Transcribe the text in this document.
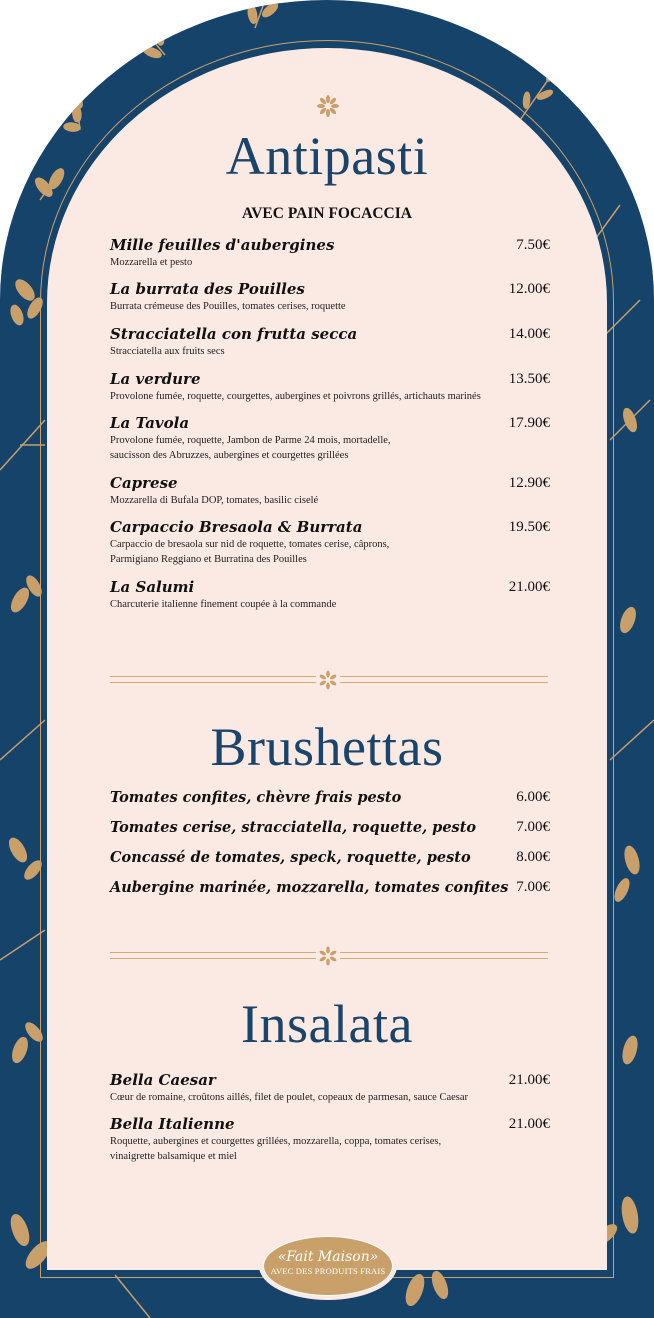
Antipasti
AVEC PAIN FOCACCIA
Mille feuilles d'aubergines	7.50€
Mozzarella et pesto
La burrata des Pouilles	12.00€
Burrata crémeuse des Pouilles, tomates cerises, roquette
Stracciatella con frutta secca	14.00€
Stracciatella aux fruits secs
La verdure	13.50€
Provolone fumée, roquette, courgettes, aubergines et poivrons grillés, artichauts marinés
La Tavola	17.90€
Provolone fumée, roquette, Jambon de Parme 24 mois, mortadelle,
saucisson des Abruzzes, aubergines et courgettes grillées
Caprese	12.90€
Mozzarella di Bufala DOP, tomates, basilic ciselé
Carpaccio Bresaola & Burrata	19.50€
Carpaccio de bresaola sur nid de roquette, tomates cerise, câprons,
Parmigiano Reggiano et Burratina des Pouilles
La Salumi	21.00€
Charcuterie italienne finement coupée à la commande
Brushettas
Tomates confites, chèvre frais pesto	6.00€
Tomates cerise, stracciatella, roquette, pesto	7.00€
Concassé de tomates, speck, roquette, pesto	8.00€
Aubergine marinée, mozzarella, tomates confites 7.00€
Insalata
Bella Caesar	21.00€
Cœur de romaine, croûtons aillés, filet de poulet, copeaux de parmesan, sauce Caesar
Bella Italienne	21.00€
Roquette, aubergines et courgettes grillées, mozzarella, coppa, tomates cerises,
vinaigrette balsamique et miel
«Fait Maison»
AVEC DES PRODUITS FRAIS
